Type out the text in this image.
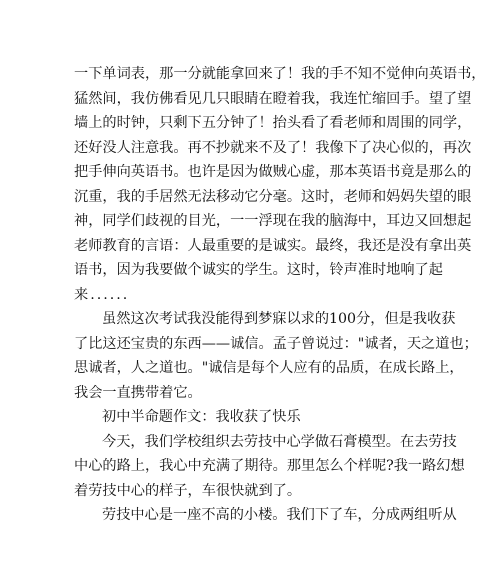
一下单词表，那一分就能拿回来了！我的手不知不觉伸向英语书，
猛然间，我仿佛看见几只眼睛在瞪着我，我连忙缩回手。望了望
墙上的时钟，只剩下五分钟了！抬头看了看老师和周围的同学，
还好没人注意我。再不抄就来不及了！我像下了决心似的，再次
把手伸向英语书。也许是因为做贼心虚，那本英语书竟是那么的
沉重，我的手居然无法移动它分毫。这时，老师和妈妈失望的眼
神，同学们歧视的目光，一一浮现在我的脑海中，耳边又回想起
老师教育的言语：人最重要的是诚实。最终，我还是没有拿出英
语书，因为我要做个诚实的学生。这时，铃声准时地响了起
来......
虽然这次考试我没能得到梦寐以求的100分，但是我收获
了比这还宝贵的东西——诚信。孟子曾说过："诚者，天之道也；
思诚者，人之道也。"诚信是每个人应有的品质，在成长路上，
我会一直携带着它。
初中半命题作文：我收获了快乐
今天，我们学校组织去劳技中心学做石膏模型。在去劳技
中心的路上，我心中充满了期待。那里怎么个样呢?我一路幻想
着劳技中心的样子，车很快就到了。
劳技中心是一座不高的小楼。我们下了车，分成两组听从
